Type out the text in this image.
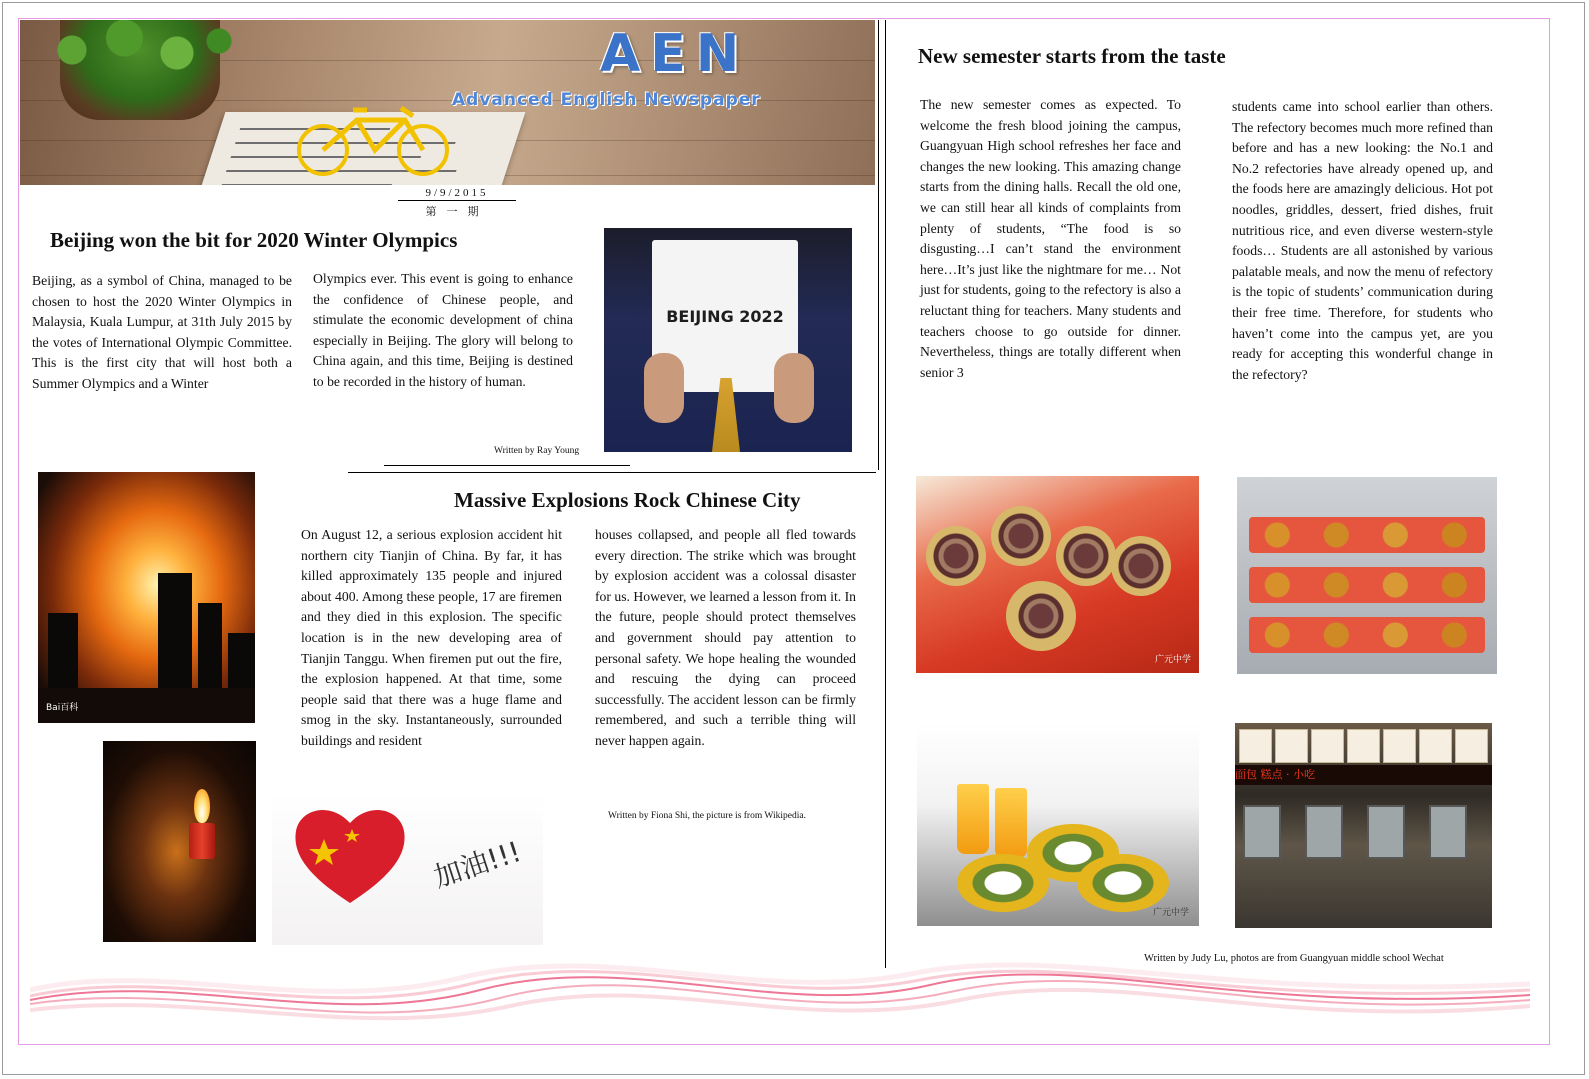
AEN
Advanced English Newspaper
9/9/2015
第一期
Beijing won the bit for 2020 Winter Olympics
Beijing, as a symbol of China, managed to be chosen to host the 2020 Winter Olympics in Malaysia, Kuala Lumpur, at 31th July 2015 by the votes of International Olympic Committee. This is the first city that will host both a Summer Olympics and a Winter
Olympics ever. This event is going to enhance the confidence of Chinese people, and stimulate the economic development of china especially in Beijing. The glory will belong to China again, and this time, Beijing is destined to be recorded in the history of human.
Written by Ray Young
BEIJING 2022
Massive Explosions Rock Chinese City
On August 12, a serious explosion accident hit northern city Tianjin of China. By far, it has killed approximately 135 people and injured about 400. Among these people, 17 are firemen and they died in this explosion. The specific location is in the new developing area of Tianjin Tanggu. When firemen put out the fire, the explosion happened. At that time, some people said that there was a huge flame and smog in the sky. Instantaneously, surrounded buildings and resident
houses collapsed, and people all fled towards every direction. The strike which was brought by explosion accident was a colossal disaster for us. However, we learned a lesson from it. In the future, people should protect themselves and government should pay attention to personal safety. We hope healing the wounded and rescuing the dying can proceed successfully. The accident lesson can be firmly remembered, and such a terrible thing will never happen again.
Written by Fiona Shi, the picture is from Wikipedia.
Bai百科
加油!!!
New semester starts from the taste
The new semester comes as expected. To welcome the fresh blood joining the campus, Guangyuan High school refreshes her face and changes the new looking. This amazing change starts from the dining halls. Recall the old one, we can still hear all kinds of complaints from plenty of students, “The food is so disgusting…I can’t stand the environment here…It’s just like the nightmare for me… Not just for students, going to the refectory is also a reluctant thing for teachers. Many students and teachers choose to go outside for dinner. Nevertheless, things are totally different when senior 3
students came into school earlier than others. The refectory becomes much more refined than before and has a new looking: the No.1 and No.2 refectories have already opened up, and the foods here are amazingly delicious. Hot pot noodles, griddles, dessert, fried dishes, fruit nutritious rice, and even diverse western-style foods… Students are all astonished by various palatable meals, and now the menu of refectory is the topic of students’ communication during their free time. Therefore, for students who haven’t come into the campus yet, are you ready for accepting this wonderful change in the refectory?
广元中学
广元中学
面包 糕点 · 小吃
Written by Judy Lu, photos are from Guangyuan middle school Wechat
